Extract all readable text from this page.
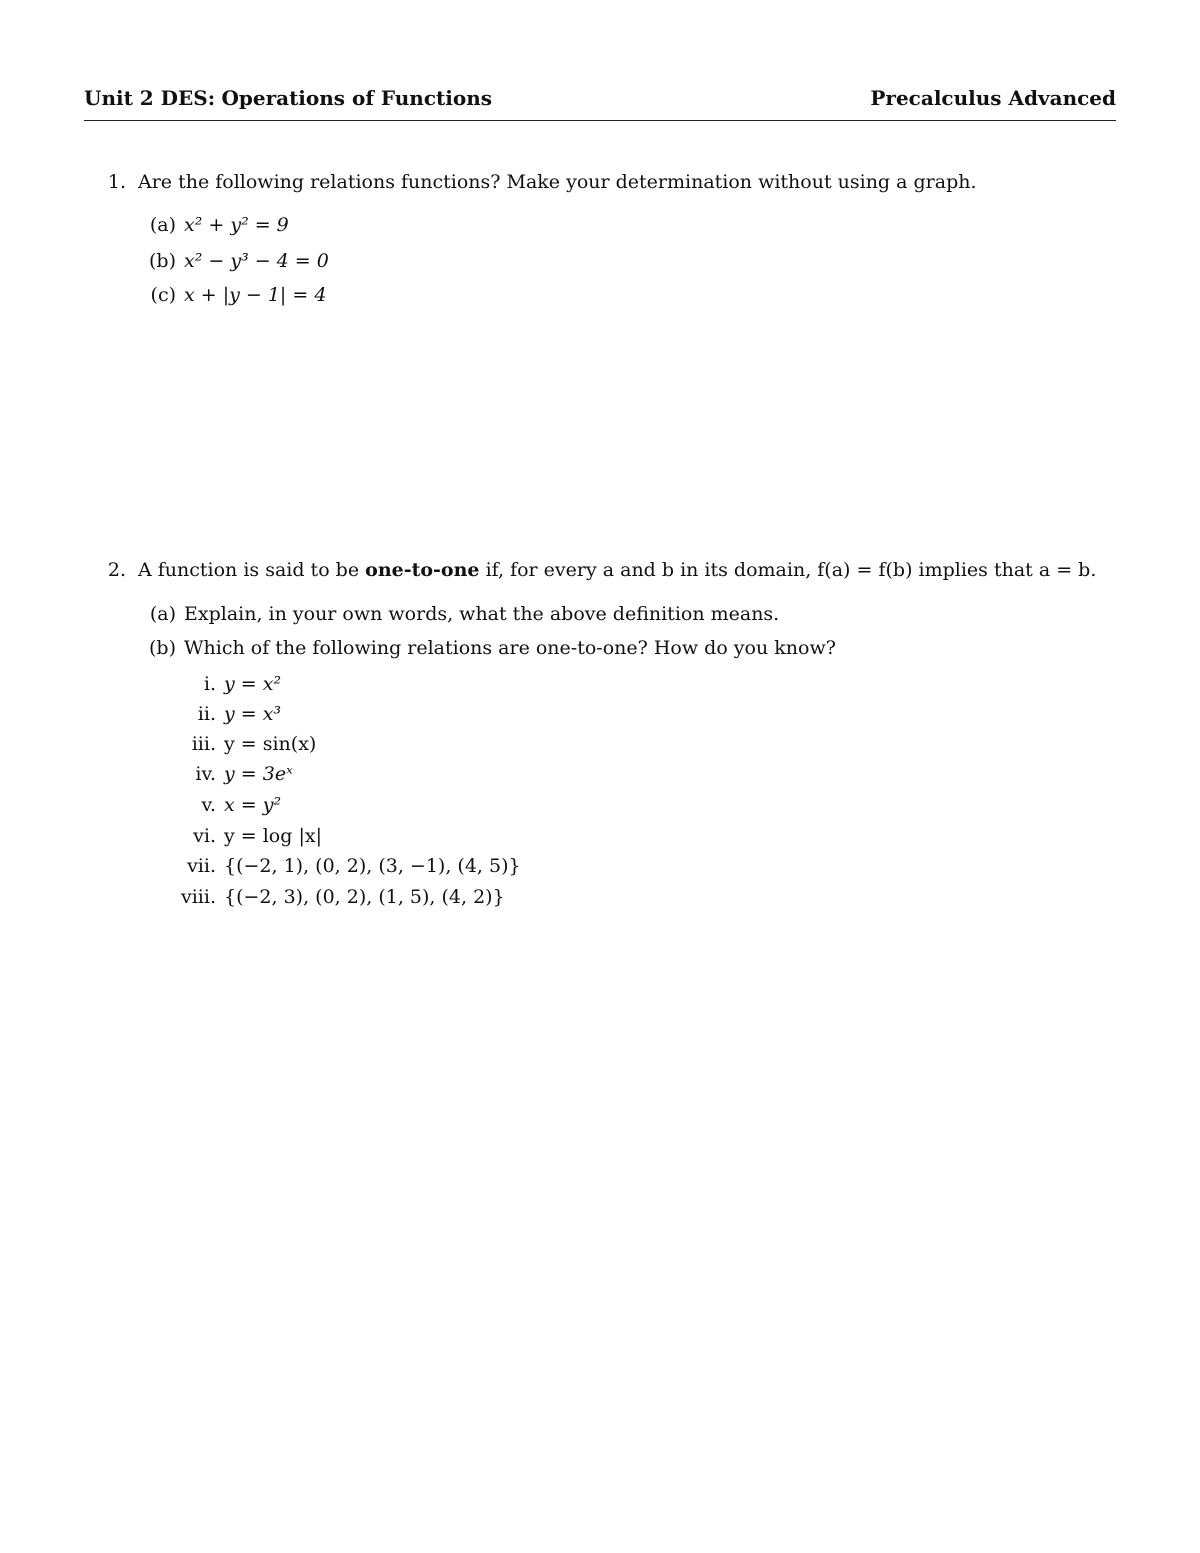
Unit 2 DES: Operations of Functions	Precalculus Advanced
1. Are the following relations functions? Make your determination without using a graph.
(a) x² + y² = 9
(b) x² − y³ − 4 = 0
(c) x + |y − 1| = 4
2. A function is said to be one-to-one if, for every a and b in its domain, f(a) = f(b) implies that a = b.
(a) Explain, in your own words, what the above definition means.
(b) Which of the following relations are one-to-one? How do you know?
i. y = x²
ii. y = x³
iii. y = sin(x)
iv. y = 3eˣ
v. x = y²
vi. y = log |x|
vii. {(−2, 1), (0, 2), (3, −1), (4, 5)}
viii. {(−2, 3), (0, 2), (1, 5), (4, 2)}
